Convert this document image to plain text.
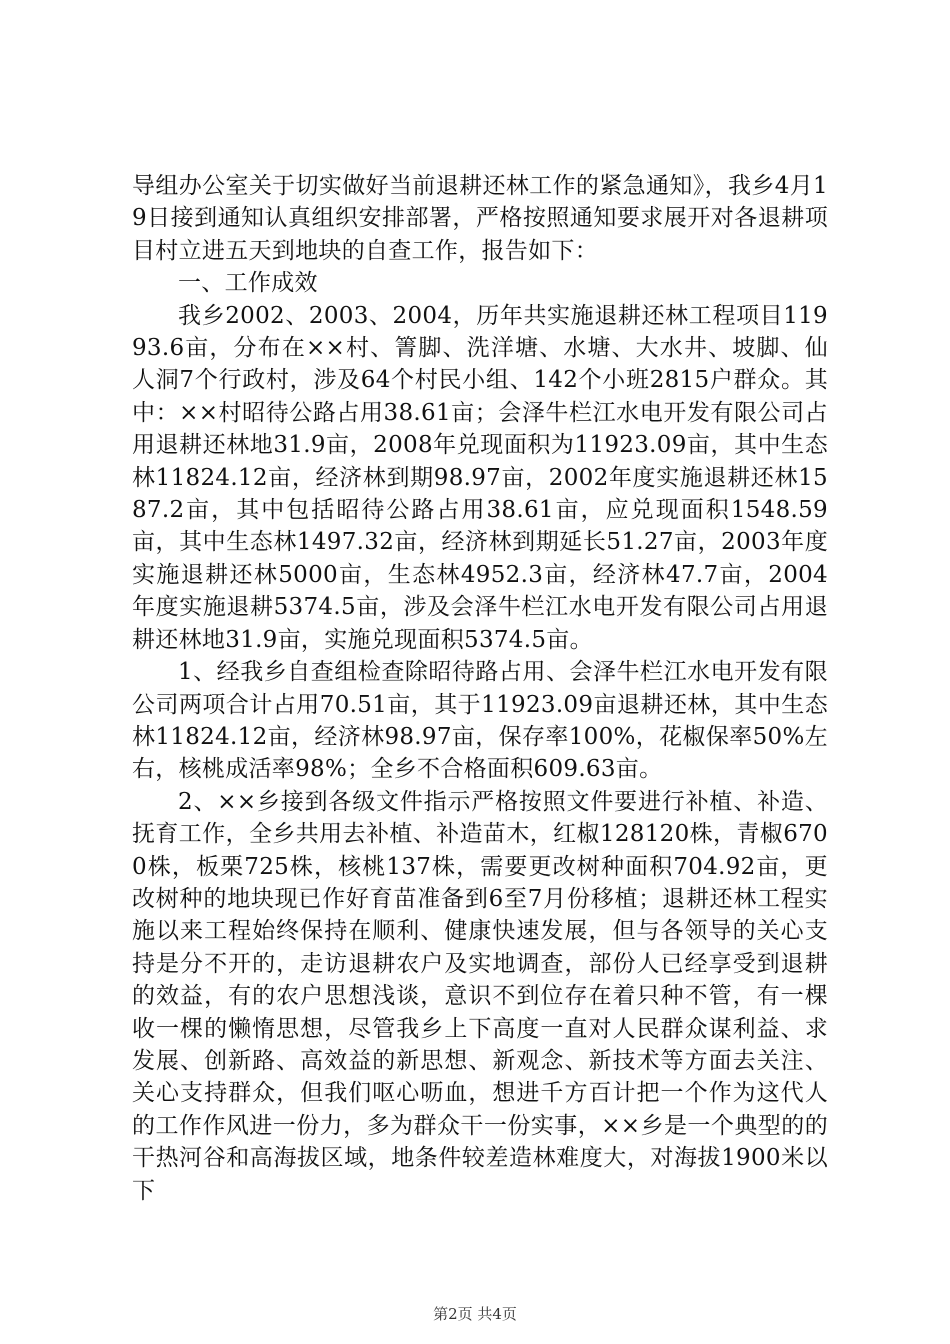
导组办公室关于切实做好当前退耕还林工作的紧急通知》，我乡4月19日接到通知认真组织安排部署，严格按照通知要求展开对各退耕项目村立进五天到地块的自查工作，报告如下：

一、工作成效

我乡2002、2003、2004，历年共实施退耕还林工程项目11993.6亩，分布在××村、箐脚、洗洋塘、水塘、大水井、坡脚、仙人洞7个行政村，涉及64个村民小组、142个小班2815户群众。其中：××村昭待公路占用38.61亩；会泽牛栏江水电开发有限公司占用退耕还林地31.9亩，2008年兑现面积为11923.09亩，其中生态林11824.12亩，经济林到期98.97亩，2002年度实施退耕还林1587.2亩，其中包括昭待公路占用38.61亩，应兑现面积1548.59亩，其中生态林1497.32亩，经济林到期延长51.27亩，2003年度实施退耕还林5000亩，生态林4952.3亩，经济林47.7亩，2004年度实施退耕5374.5亩，涉及会泽牛栏江水电开发有限公司占用退耕还林地31.9亩，实施兑现面积5374.5亩。

1、经我乡自查组检查除昭待路占用、会泽牛栏江水电开发有限公司两项合计占用70.51亩，其于11923.09亩退耕还林，其中生态林11824.12亩，经济林98.97亩，保存率100%，花椒保率50%左右，核桃成活率98%；全乡不合格面积609.63亩。

2、××乡接到各级文件指示严格按照文件要进行补植、补造、抚育工作，全乡共用去补植、补造苗木，红椒128120株，青椒6700株，板栗725株，核桃137株，需要更改树种面积704.92亩，更改树种的地块现已作好育苗准备到6至7月份移植；退耕还林工程实施以来工程始终保持在顺利、健康快速发展，但与各领导的关心支持是分不开的，走访退耕农户及实地调查，部份人已经享受到退耕的效益，有的农户思想浅谈，意识不到位存在着只种不管，有一棵收一棵的懒惰思想，尽管我乡上下高度一直对人民群众谋利益、求发展、创新路、高效益的新思想、新观念、新技术等方面去关注、关心支持群众，但我们呕心呖血，想进千方百计把一个作为这代人的工作作风进一份力，多为群众干一份实事，××乡是一个典型的的干热河谷和高海拔区域，地条件较差造林难度大，对海拔1900米以下

第2页 共4页
